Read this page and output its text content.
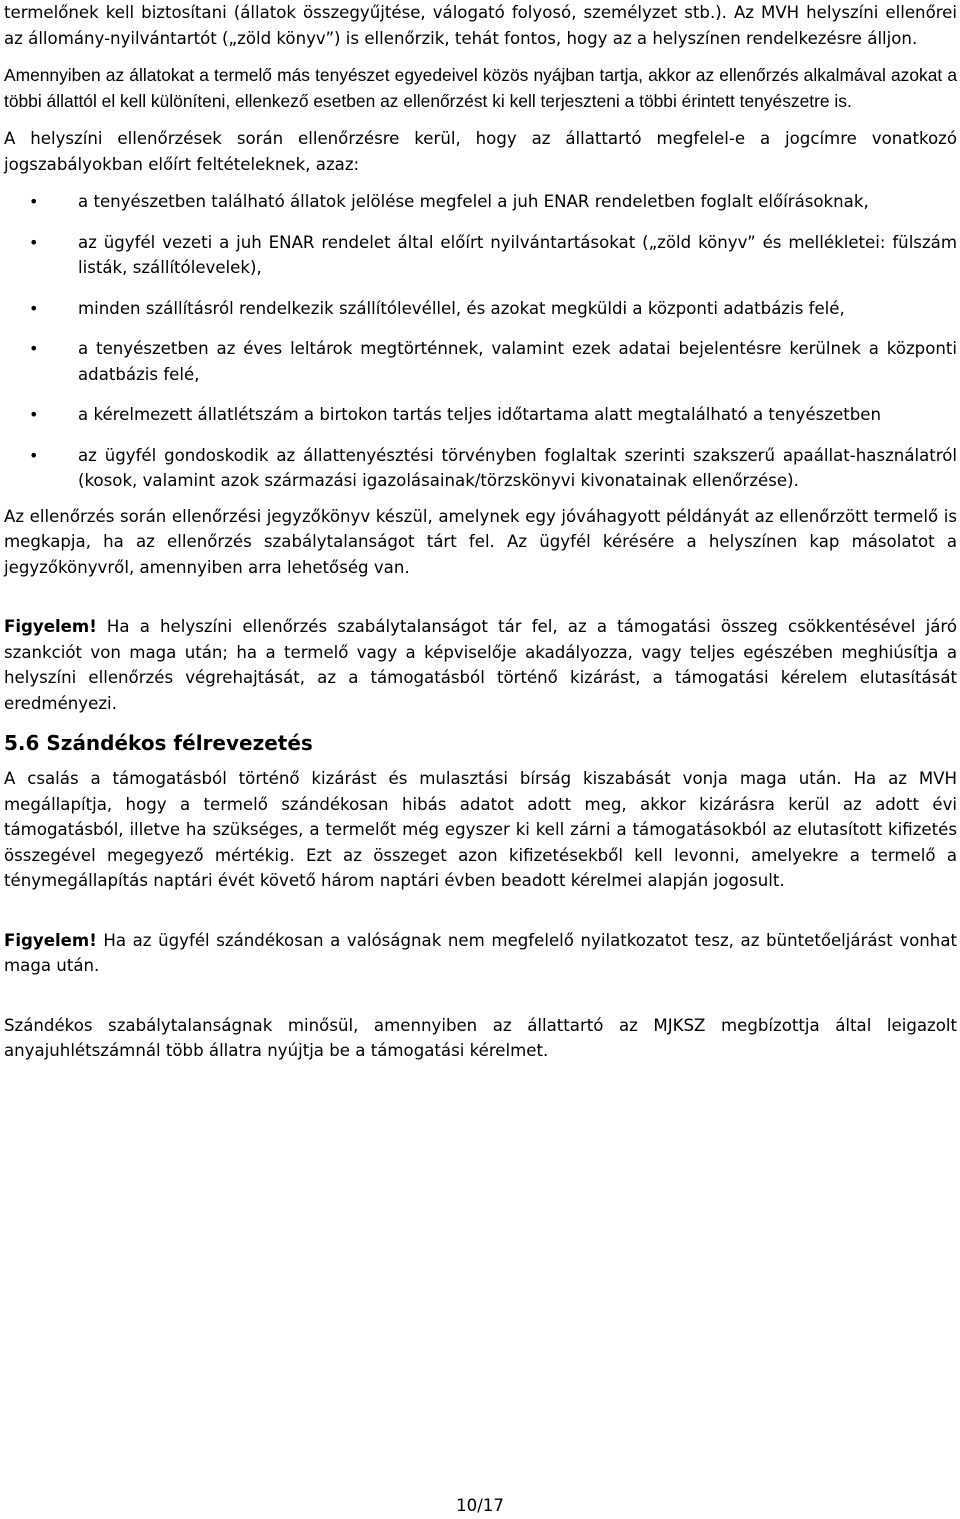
termelőnek kell biztosítani (állatok összegyűjtése, válogató folyosó, személyzet stb.). Az MVH helyszíni ellenőrei az állomány-nyilvántartót („zöld könyv”) is ellenőrzik, tehát fontos, hogy az a helyszínen rendelkezésre álljon.

Amennyiben az állatokat a termelő más tenyészet egyedeivel közös nyájban tartja, akkor az ellenőrzés alkalmával azokat a többi állattól el kell különíteni, ellenkező esetben az ellenőrzést ki kell terjeszteni a többi érintett tenyészetre is.

A helyszíni ellenőrzések során ellenőrzésre kerül, hogy az állattartó megfelel-e a jogcímre vonatkozó jogszabályokban előírt feltételeknek, azaz:

• a tenyészetben található állatok jelölése megfelel a juh ENAR rendeletben foglalt előírásoknak,
• az ügyfél vezeti a juh ENAR rendelet által előírt nyilvántartásokat („zöld könyv” és mellékletei: fülszám listák, szállítólevelek),
• minden szállításról rendelkezik szállítólevéllel, és azokat megküldi a központi adatbázis felé,
• a tenyészetben az éves leltárok megtörténnek, valamint ezek adatai bejelentésre kerülnek a központi adatbázis felé,
• a kérelmezett állatlétszám a birtokon tartás teljes időtartama alatt megtalálható a tenyészetben
• az ügyfél gondoskodik az állattenyésztési törvényben foglaltak szerinti szakszerű apaállat-használatról (kosok, valamint azok származási igazolásainak/törzskönyvi kivonatainak ellenőrzése).

Az ellenőrzés során ellenőrzési jegyzőkönyv készül, amelynek egy jóváhagyott példányát az ellenőrzött termelő is megkapja, ha az ellenőrzés szabálytalanságot tárt fel. Az ügyfél kérésére a helyszínen kap másolatot a jegyzőkönyvről, amennyiben arra lehetőség van.

Figyelem! Ha a helyszíni ellenőrzés szabálytalanságot tár fel, az a támogatási összeg csökkentésével járó szankciót von maga után; ha a termelő vagy a képviselője akadályozza, vagy teljes egészében meghiúsítja a helyszíni ellenőrzés végrehajtását, az a támogatásból történő kizárást, a támogatási kérelem elutasítását eredményezi.

5.6 Szándékos félrevezetés

A csalás a támogatásból történő kizárást és mulasztási bírság kiszabását vonja maga után. Ha az MVH megállapítja, hogy a termelő szándékosan hibás adatot adott meg, akkor kizárásra kerül az adott évi támogatásból, illetve ha szükséges, a termelőt még egyszer ki kell zárni a támogatásokból az elutasított kifizetés összegével megegyező mértékig. Ezt az összeget azon kifizetésekből kell levonni, amelyekre a termelő a ténymegállapítás naptári évét követő három naptári évben beadott kérelmei alapján jogosult.

Figyelem! Ha az ügyfél szándékosan a valóságnak nem megfelelő nyilatkozatot tesz, az büntetőeljárást vonhat maga után.

Szándékos szabálytalanságnak minősül, amennyiben az állattartó az MJKSZ megbízottja által leigazolt anyajuhlétszámnál több állatra nyújtja be a támogatási kérelmet.

10/17
